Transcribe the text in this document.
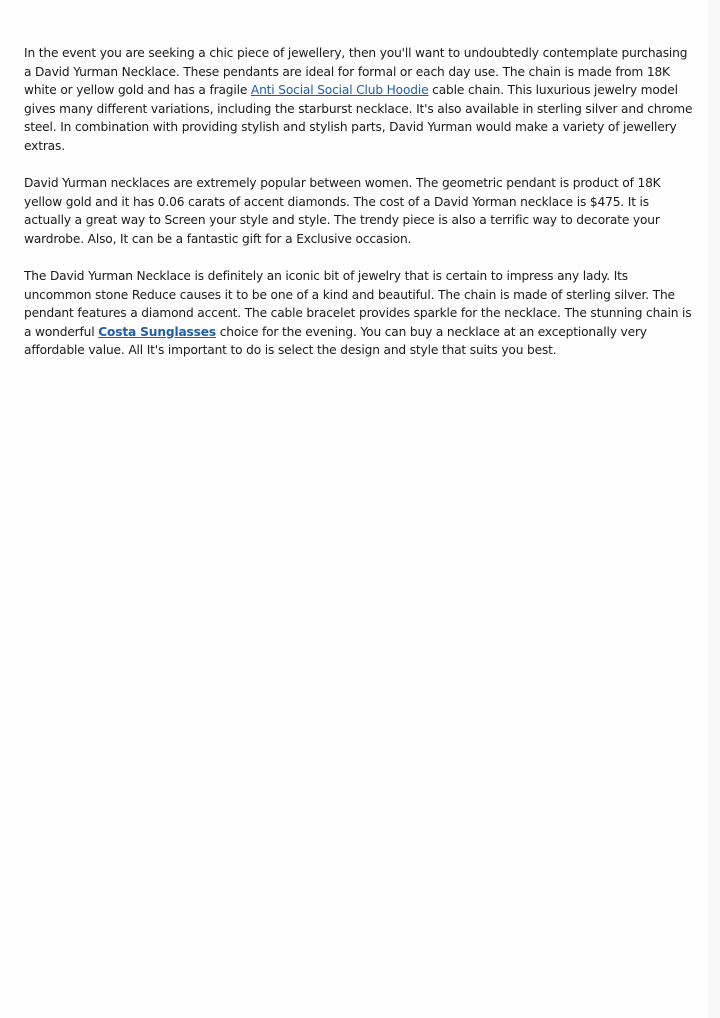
In the event you are seeking a chic piece of jewellery, then you'll want to undoubtedly contemplate purchasing a David Yurman Necklace. These pendants are ideal for formal or each day use. The chain is made from 18K white or yellow gold and has a fragile Anti Social Social Club Hoodie cable chain. This luxurious jewelry model gives many different variations, including the starburst necklace. It's also available in sterling silver and chrome steel. In combination with providing stylish and stylish parts, David Yurman would make a variety of jewellery extras.

David Yurman necklaces are extremely popular between women. The geometric pendant is product of 18K yellow gold and it has 0.06 carats of accent diamonds. The cost of a David Yorman necklace is $475. It is actually a great way to Screen your style and style. The trendy piece is also a terrific way to decorate your wardrobe. Also, It can be a fantastic gift for a Exclusive occasion.

The David Yurman Necklace is definitely an iconic bit of jewelry that is certain to impress any lady. Its uncommon stone Reduce causes it to be one of a kind and beautiful. The chain is made of sterling silver. The pendant features a diamond accent. The cable bracelet provides sparkle for the necklace. The stunning chain is a wonderful Costa Sunglasses choice for the evening. You can buy a necklace at an exceptionally very affordable value. All It's important to do is select the design and style that suits you best.
